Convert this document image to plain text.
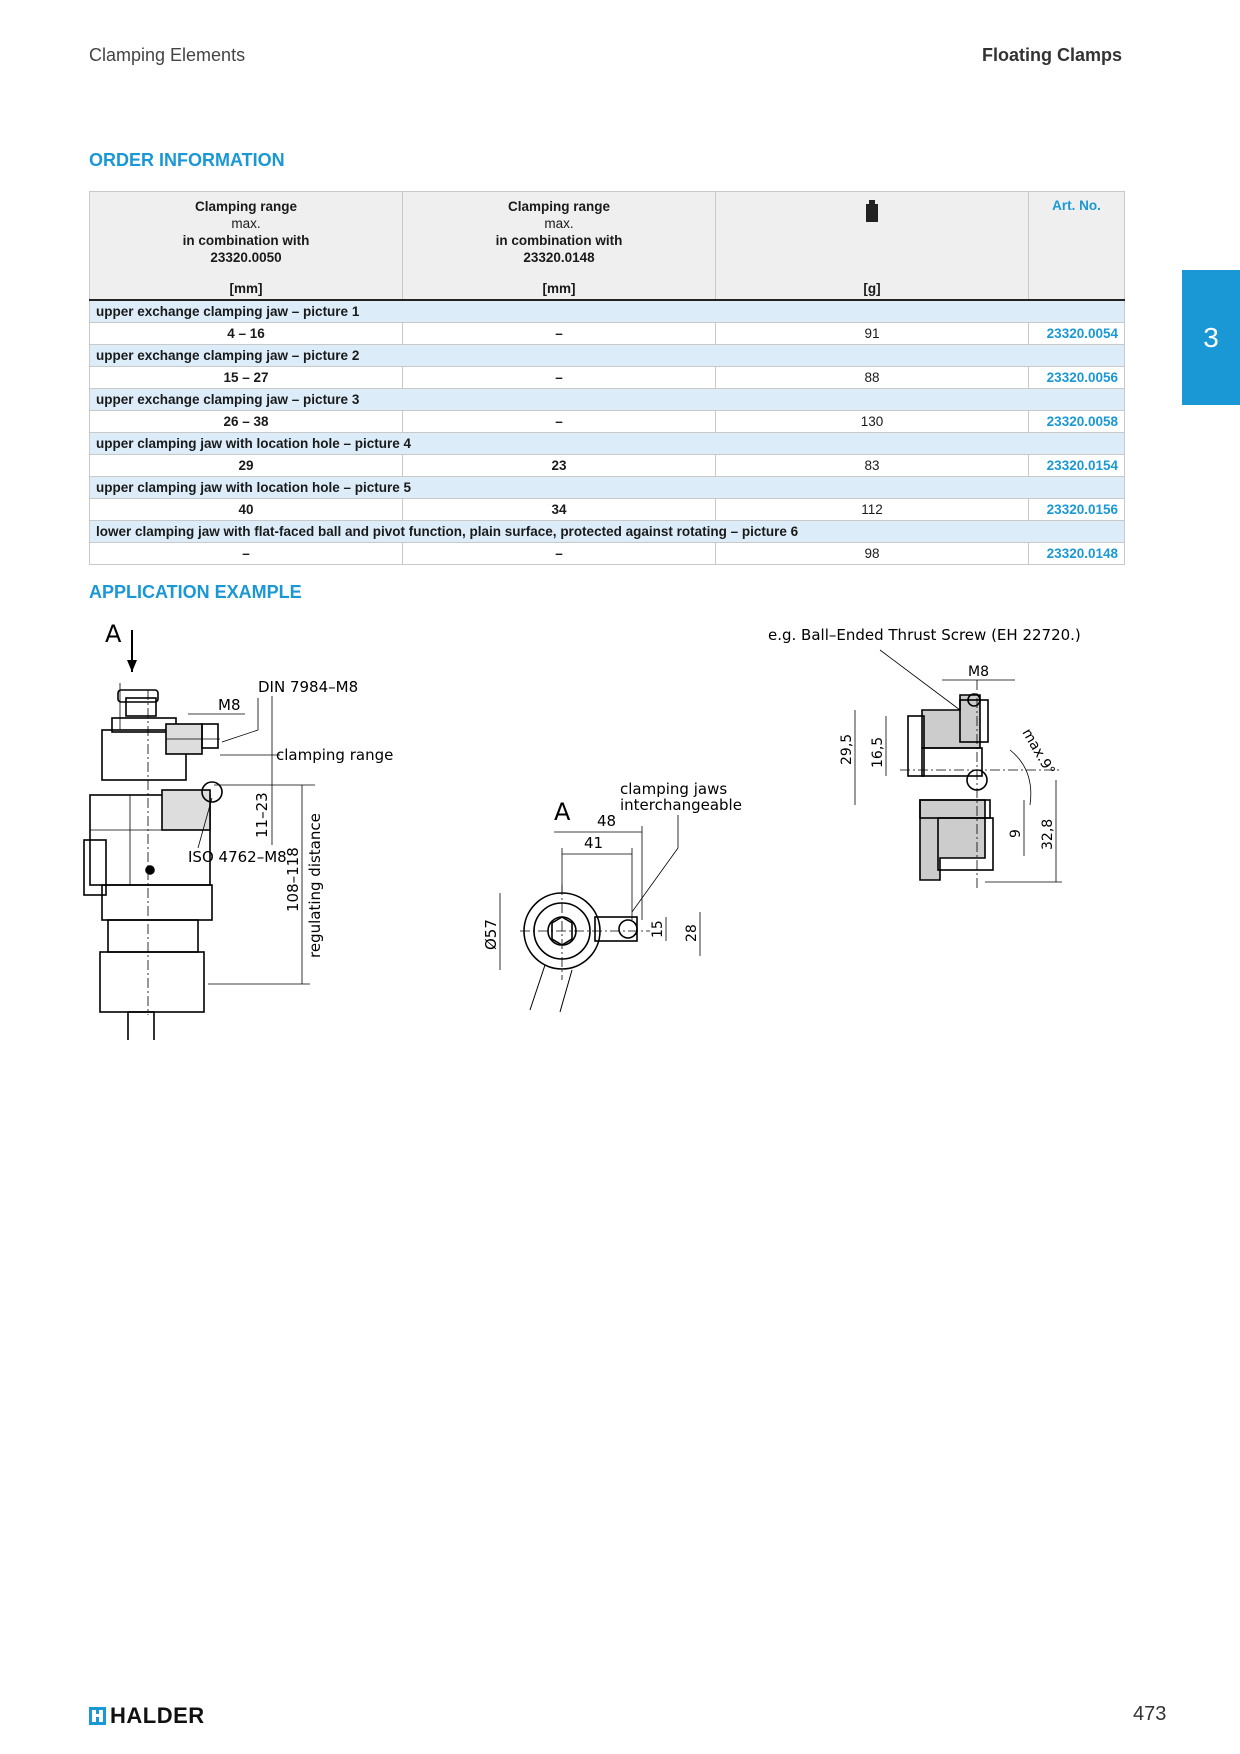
Clamping Elements	Floating Clamps
3
ORDER INFORMATION
Clamping range
max.
in combination with
23320.0050
[mm]	Clamping range
max.
in combination with
23320.0148
[mm]	[g]	Art. No.
upper exchange clamping jaw – picture 1			
4 – 16	–	91	23320.0054
upper exchange clamping jaw – picture 2			
15 – 27	–	88	23320.0056
upper exchange clamping jaw – picture 3			
26 – 38	–	130	23320.0058
upper clamping jaw with location hole – picture 4			
29	23	83	23320.0154
upper clamping jaw with location hole – picture 5			
40	34	112	23320.0156
lower clamping jaw with flat-faced ball and pivot function, plain surface, protected against rotating – picture 6			
–	–	98	23320.0148
APPLICATION EXAMPLE
A
M8
DIN 7984–M8
clamping range
11–23
ISO 4762–M8
108–118 regulating distance
A 48
41
clamping jaws
interchangeable
Ø57	15 28
e.g. Ball–Ended Thrust Screw (EH 22720.)
M8
29,5 16,5	max.9°
9 32,8
HALDER	473
